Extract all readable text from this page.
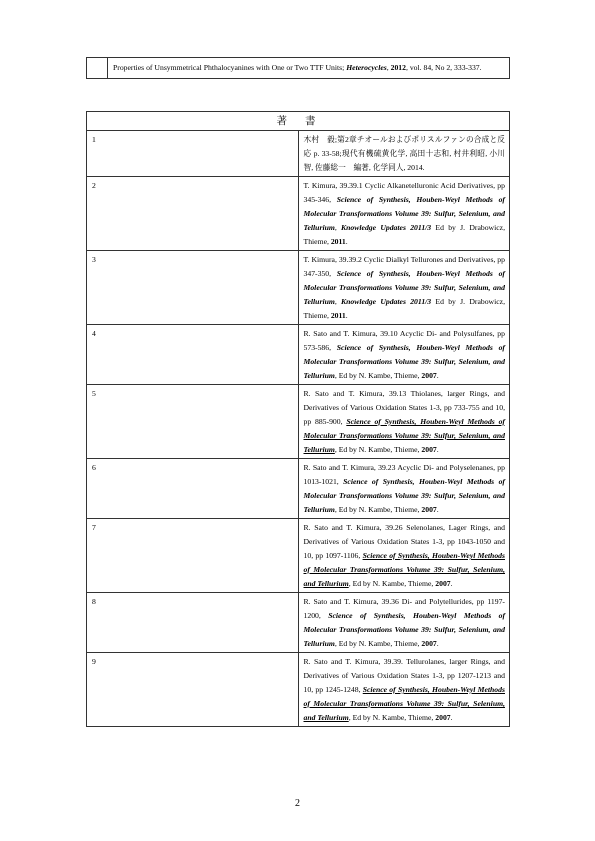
	Properties of Unsymmetrical Phthalocyanines with One or Two TTF Units; Heterocycles, 2012, vol. 84, No 2, 333-337.
著書	
1	木村　毅;第2章チオールおよびポリスルファンの合成と反応 p. 33-58;現代有機硫黄化学, 高田十志和, 村井利昭, 小川　智, 佐藤総一　編著, 化学同人, 2014.
2	T. Kimura, 39.39.1 Cyclic Alkanetelluronic Acid Derivatives, pp 345-346, Science of Synthesis, Houben-Weyl Methods of Molecular Transformations Volume 39: Sulfur, Selenium, and Tellurium, Knowledge Updates 2011/3 Ed by J. Drabowicz, Thieme, 2011.
3	T. Kimura, 39.39.2 Cyclic Dialkyl Tellurones and Derivatives, pp 347-350, Science of Synthesis, Houben-Weyl Methods of Molecular Transformations Volume 39: Sulfur, Selenium, and Tellurium, Knowledge Updates 2011/3 Ed by J. Drabowicz, Thieme, 2011.
4	R. Sato and T. Kimura, 39.10 Acyclic Di- and Polysulfanes, pp 573-586, Science of Synthesis, Houben-Weyl Methods of Molecular Transformations Volume 39: Sulfur, Selenium, and Tellurium, Ed by N. Kambe, Thieme, 2007.
5	R. Sato and T. Kimura, 39.13 Thiolanes, larger Rings, and Derivatives of Various Oxidation States 1-3, pp 733-755 and 10, pp 885-900, Science of Synthesis, Houben-Weyl Methods of Molecular Transformations Volume 39: Sulfur, Selenium, and Tellurium, Ed by N. Kambe, Thieme, 2007.
6	R. Sato and T. Kimura, 39.23 Acyclic Di- and Polyselenanes, pp 1013-1021, Science of Synthesis, Houben-Weyl Methods of Molecular Transformations Volume 39: Sulfur, Selenium, and Tellurium, Ed by N. Kambe, Thieme, 2007.
7	R. Sato and T. Kimura, 39.26 Selenolanes, Lager Rings, and Derivatives of Various Oxidation States 1-3, pp 1043-1050 and 10, pp 1097-1106, Science of Synthesis, Houben-Weyl Methods of Molecular Transformations Volume 39: Sulfur, Selenium, and Tellurium, Ed by N. Kambe, Thieme, 2007.
8	R. Sato and T. Kimura, 39.36 Di- and Polytellurides, pp 1197-1200, Science of Synthesis, Houben-Weyl Methods of Molecular Transformations Volume 39: Sulfur, Selenium, and Tellurium, Ed by N. Kambe, Thieme, 2007.
9	R. Sato and T. Kimura, 39.39. Tellurolanes, larger Rings, and Derivatives of Various Oxidation States 1-3, pp 1207-1213 and 10, pp 1245-1248, Science of Synthesis, Houben-Weyl Methods of Molecular Transformations Volume 39: Sulfur, Selenium, and Tellurium, Ed by N. Kambe, Thieme, 2007.
2
